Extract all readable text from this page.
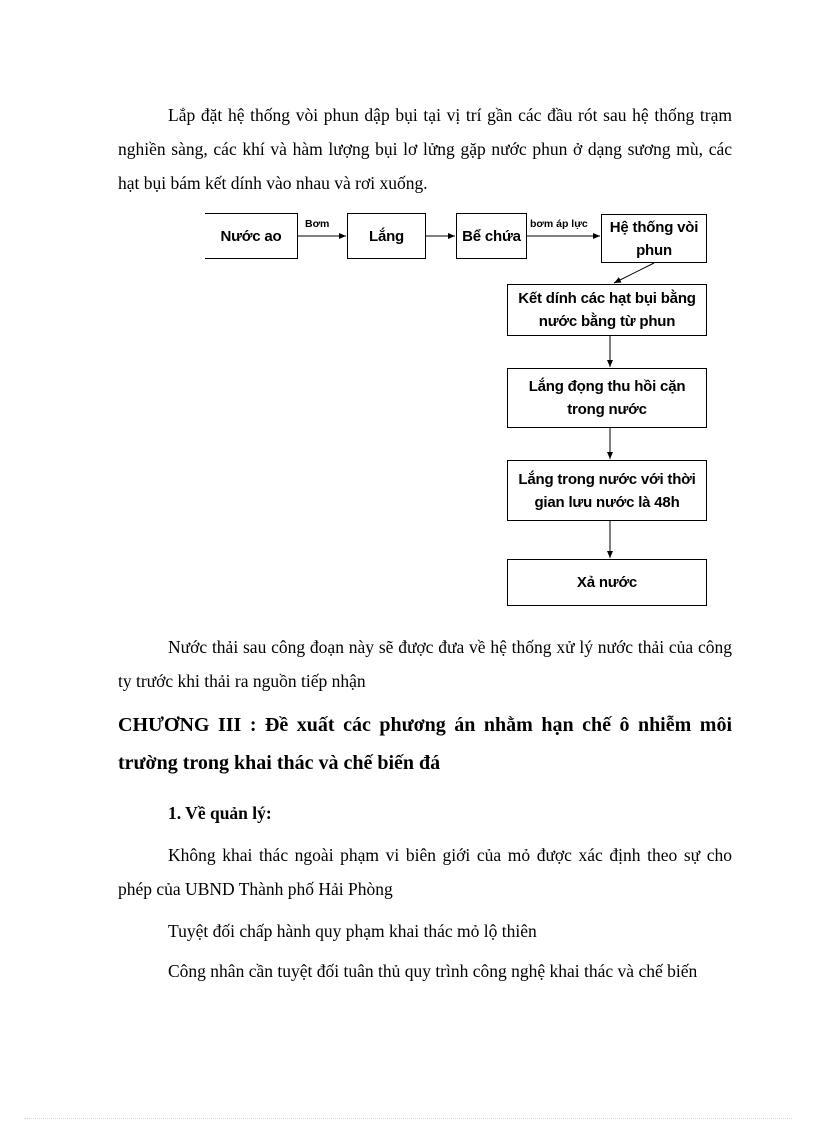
Lắp đặt hệ thống vòi phun dập bụi tại vị trí gần các đầu rót sau hệ thống trạm nghiền sàng, các khí và hàm lượng bụi lơ lửng gặp nước phun ở dạng sương mù, các hạt bụi bám kết dính vào nhau và rơi xuống.

Nước ao	Lắng	Bể chứa
Hệ thống vòi phun
Kết dính các hạt bụi bằng nước bằng từ phun
Lắng đọng thu hồi cặn trong nước
Lắng trong nước với thời gian lưu nước là 48h
Xả nước
Bơm	bơm áp lực

Nước thải sau công đoạn này sẽ được đưa về hệ thống xử lý nước thải của công ty trước khi thải ra nguồn tiếp nhận

CHƯƠNG III : Đề xuất các phương án nhằm hạn chế ô nhiễm môi trường trong khai thác và chế biến đá
1. Về quản lý:

Không khai thác ngoài phạm vi biên giới của mỏ được xác định theo sự cho phép của UBND Thành phố Hải Phòng

Tuyệt đối chấp hành quy phạm khai thác mỏ lộ thiên

Công nhân cần tuyệt đối tuân thủ quy trình công nghệ khai thác và chế biến
